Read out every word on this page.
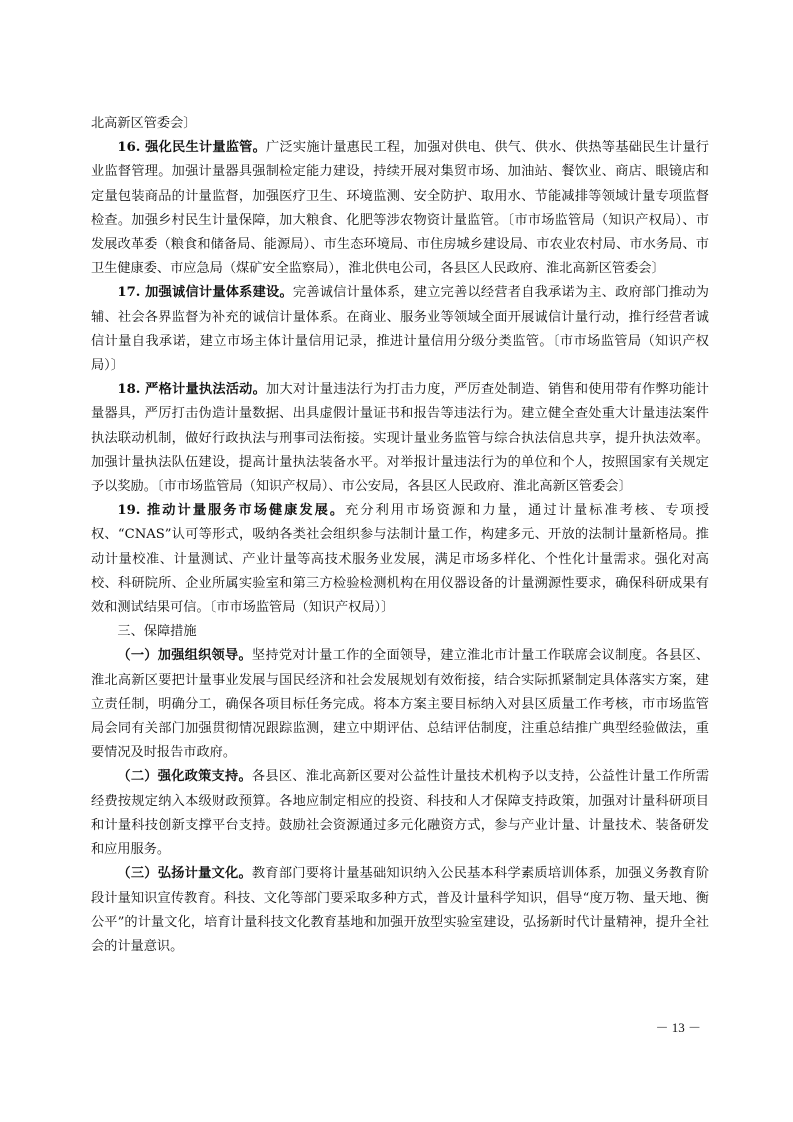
北高新区管委会〕

16. 强化民生计量监管。广泛实施计量惠民工程，加强对供电、供气、供水、供热等基础民生计量行业监督管理。加强计量器具强制检定能力建设，持续开展对集贸市场、加油站、餐饮业、商店、眼镜店和定量包装商品的计量监督，加强医疗卫生、环境监测、安全防护、取用水、节能减排等领域计量专项监督检查。加强乡村民生计量保障，加大粮食、化肥等涉农物资计量监管。〔市市场监管局（知识产权局）、市发展改革委（粮食和储备局、能源局）、市生态环境局、市住房城乡建设局、市农业农村局、市水务局、市卫生健康委、市应急局（煤矿安全监察局），淮北供电公司，各县区人民政府、淮北高新区管委会〕

17. 加强诚信计量体系建设。完善诚信计量体系，建立完善以经营者自我承诺为主、政府部门推动为辅、社会各界监督为补充的诚信计量体系。在商业、服务业等领域全面开展诚信计量行动，推行经营者诚信计量自我承诺，建立市场主体计量信用记录，推进计量信用分级分类监管。〔市市场监管局（知识产权局）〕

18. 严格计量执法活动。加大对计量违法行为打击力度，严厉查处制造、销售和使用带有作弊功能计量器具，严厉打击伪造计量数据、出具虚假计量证书和报告等违法行为。建立健全查处重大计量违法案件执法联动机制，做好行政执法与刑事司法衔接。实现计量业务监管与综合执法信息共享，提升执法效率。加强计量执法队伍建设，提高计量执法装备水平。对举报计量违法行为的单位和个人，按照国家有关规定予以奖励。〔市市场监管局（知识产权局）、市公安局，各县区人民政府、淮北高新区管委会〕

19. 推动计量服务市场健康发展。充分利用市场资源和力量，通过计量标准考核、专项授权、“CNAS”认可等形式，吸纳各类社会组织参与法制计量工作，构建多元、开放的法制计量新格局。推动计量校准、计量测试、产业计量等高技术服务业发展，满足市场多样化、个性化计量需求。强化对高校、科研院所、企业所属实验室和第三方检验检测机构在用仪器设备的计量溯源性要求，确保科研成果有效和测试结果可信。〔市市场监管局（知识产权局）〕

三、保障措施

（一）加强组织领导。坚持党对计量工作的全面领导，建立淮北市计量工作联席会议制度。各县区、淮北高新区要把计量事业发展与国民经济和社会发展规划有效衔接，结合实际抓紧制定具体落实方案，建立责任制，明确分工，确保各项目标任务完成。将本方案主要目标纳入对县区质量工作考核，市市场监管局会同有关部门加强贯彻情况跟踪监测，建立中期评估、总结评估制度，注重总结推广典型经验做法，重要情况及时报告市政府。

（二）强化政策支持。各县区、淮北高新区要对公益性计量技术机构予以支持，公益性计量工作所需经费按规定纳入本级财政预算。各地应制定相应的投资、科技和人才保障支持政策，加强对计量科研项目和计量科技创新支撑平台支持。鼓励社会资源通过多元化融资方式，参与产业计量、计量技术、装备研发和应用服务。

（三）弘扬计量文化。教育部门要将计量基础知识纳入公民基本科学素质培训体系，加强义务教育阶段计量知识宣传教育。科技、文化等部门要采取多种方式，普及计量科学知识，倡导“度万物、量天地、衡公平”的计量文化，培育计量科技文化教育基地和加强开放型实验室建设，弘扬新时代计量精神，提升全社会的计量意识。

－ 13 －
